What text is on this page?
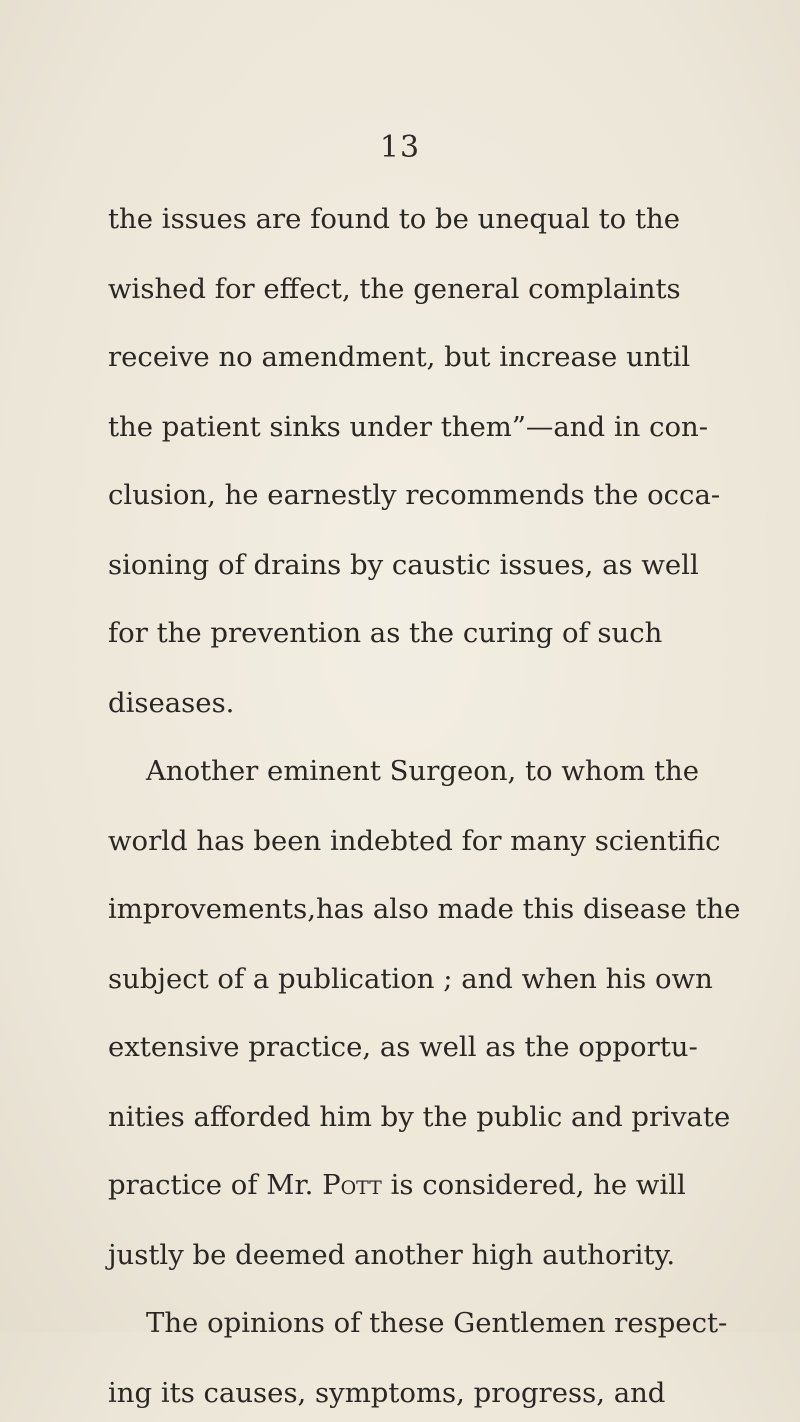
13
the issues are found to be unequal to the
wished for effect, the general complaints
receive no amendment, but increase until
the patient sinks under them”—and in con-
clusion, he earnestly recommends the occa-
sioning of drains by caustic issues, as well
for the prevention as the curing of such
diseases.
Another eminent Surgeon, to whom the
world has been indebted for many scientific
improvements,has also made this disease the
subject of a publication ; and when his own
extensive practice, as well as the opportu-
nities afforded him by the public and private
practice of Mr. Pott is considered, he will
justly be deemed another high authority.
The opinions of these Gentlemen respect-
ing its causes, symptoms, progress, and
